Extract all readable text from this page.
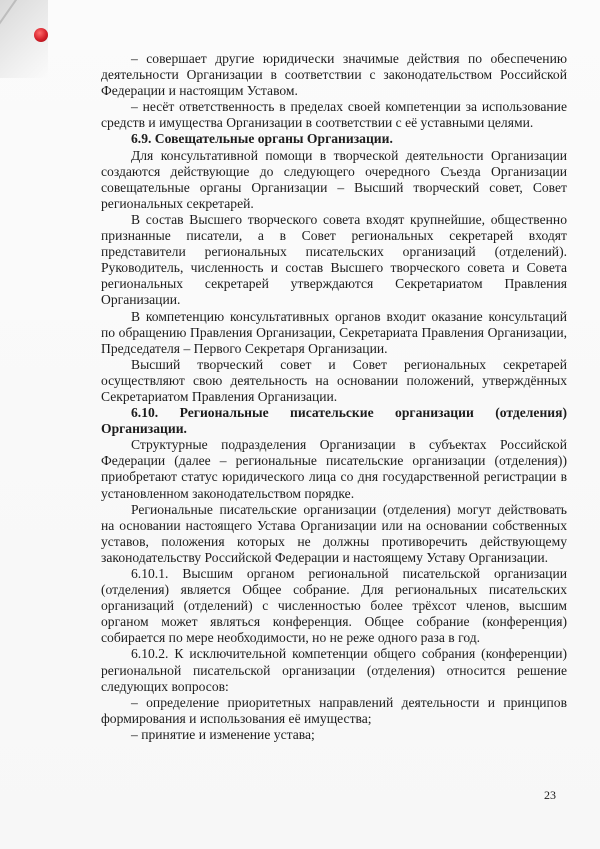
– совершает другие юридически значимые действия по обеспечению деятельности Организации в соответствии с законодательством Российской Федерации и настоящим Уставом.

– несёт ответственность в пределах своей компетенции за использование средств и имущества Организации в соответствии с её уставными целями.

6.9. Совещательные органы Организации.

Для консультативной помощи в творческой деятельности Организации создаются действующие до следующего очередного Съезда Организации совещательные органы Организации – Высший творческий совет, Совет региональных секретарей.

В состав Высшего творческого совета входят крупнейшие, общественно признанные писатели, а в Совет региональных секретарей входят представители региональных писательских организаций (отделений). Руководитель, численность и состав Высшего творческого совета и Совета региональных секретарей утверждаются Секретариатом Правления Организации.

В компетенцию консультативных органов входит оказание консультаций по обращению Правления Организации, Секретариата Правления Организации, Председателя – Первого Секретаря Организации.

Высший творческий совет и Совет региональных секретарей осуществляют свою деятельность на основании положений, утверждённых Секретариатом Правления Организации.

6.10. Региональные писательские организации (отделения) Организации.

Структурные подразделения Организации в субъектах Российской Федерации (далее – региональные писательские организации (отделения)) приобретают статус юридического лица со дня государственной регистрации в установленном законодательством порядке.

Региональные писательские организации (отделения) могут действовать на основании настоящего Устава Организации или на основании собственных уставов, положения которых не должны противоречить действующему законодательству Российской Федерации и настоящему Уставу Организации.

6.10.1. Высшим органом региональной писательской организации (отделения) является Общее собрание. Для региональных писательских организаций (отделений) с численностью более трёхсот членов, высшим органом может являться конференция. Общее собрание (конференция) собирается по мере необходимости, но не реже одного раза в год.

6.10.2. К исключительной компетенции общего собрания (конференции) региональной писательской организации (отделения) относится решение следующих вопросов:

– определение приоритетных направлений деятельности и принципов формирования и использования её имущества;

– принятие и изменение устава;

23
